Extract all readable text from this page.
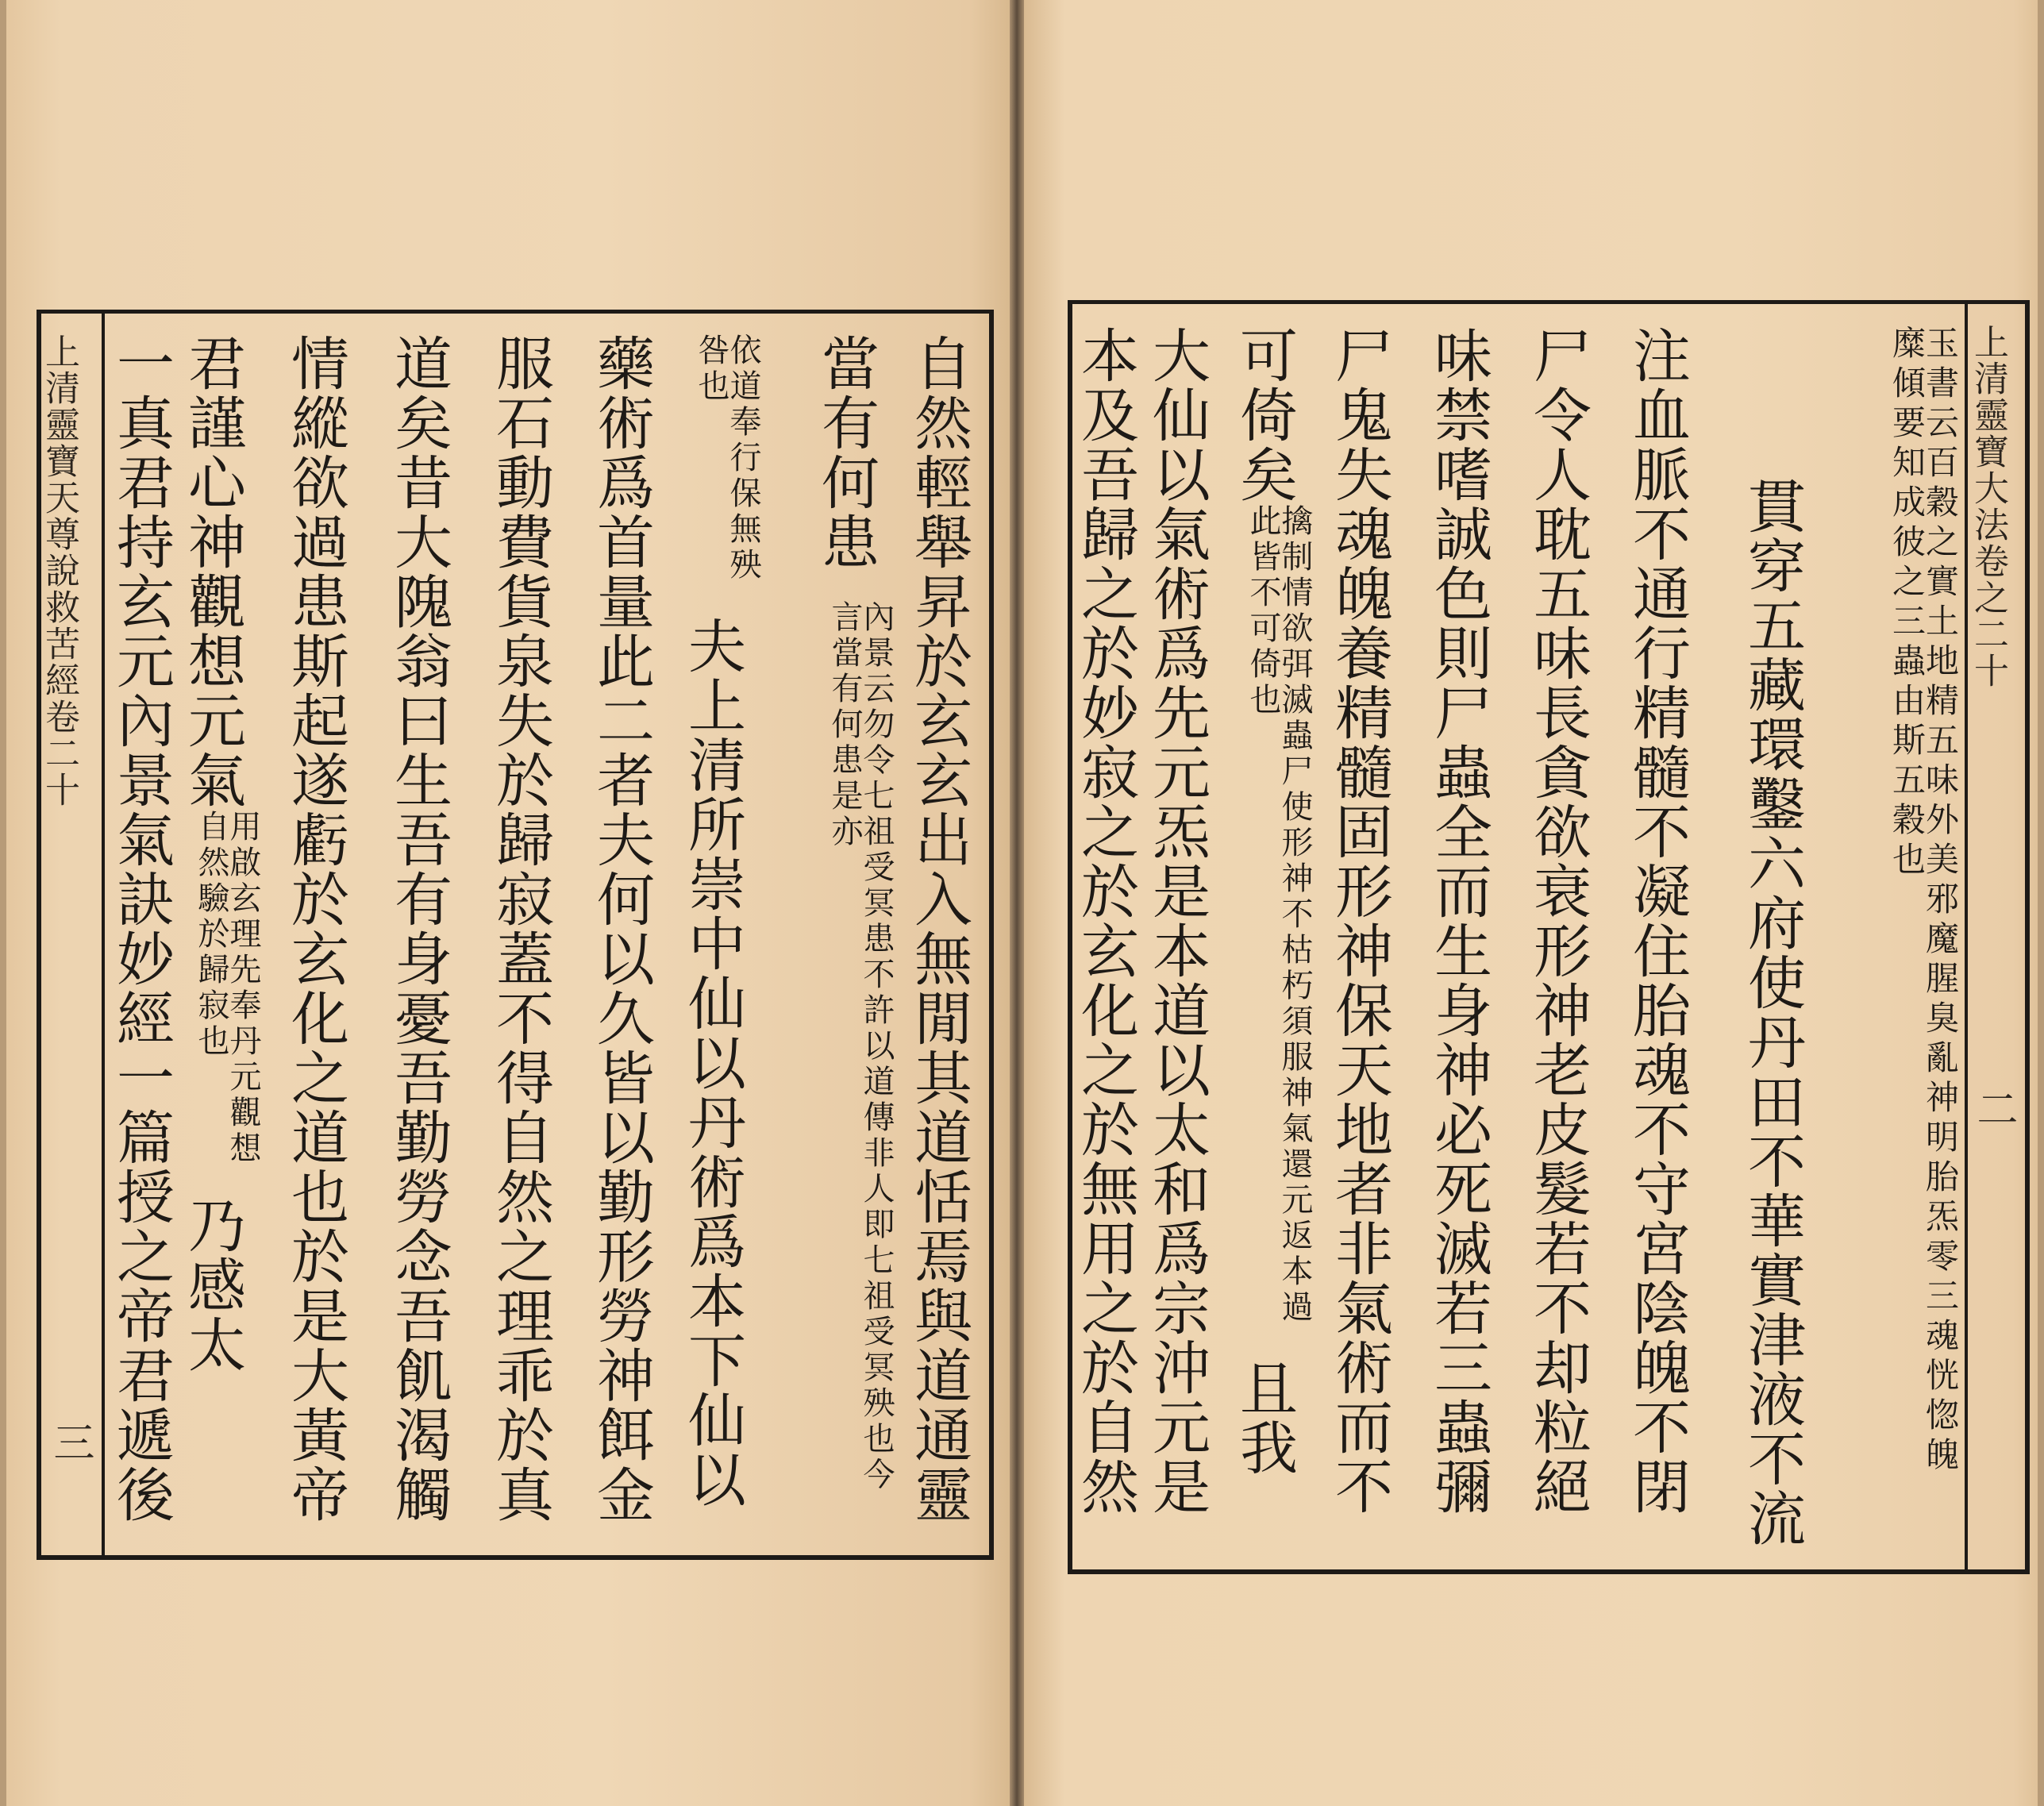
上清靈寶天尊說救苦經卷二十
三	自然輕舉昇於玄玄出入無閒其道恬焉與道通靈
當有何患內景云勿令七祖受冥患不許以道傳非人即七祖受冥殃也今言當有何患是亦
依道奉行保無殃咎也夫上清所崇中仙以丹術爲本下仙以
藥術爲首量此二者夫何以久皆以勤形勞神餌金
服石動費貨泉失於歸寂蓋不得自然之理乖於真
道矣昔大隗翁曰生吾有身憂吾勤勞念吾飢渴觸
情縱欲過患斯起遂虧於玄化之道也於是大黃帝
君謹心神觀想元氣用啟玄理先奉丹元觀想自然驗於歸寂也乃感太
一真君持玄元內景氣訣妙經一篇授之帝君遞後	上清靈寶大法卷之二十
二
玉書云百穀之實土地精五味外美邪魔腥臭亂神明胎炁零三魂恍惚魄糜傾要知成彼之三蟲由斯五穀也
貫穿五藏環鑿六府使丹田不華實津液不流
注血脈不通行精髓不凝住胎魂不守宮陰魄不閉
尸令人耽五味長貪欲衰形神老皮髮若不却粒絕
味禁嗜誠色則尸蟲全而生身神必死滅若三蟲彌
尸鬼失魂魄養精髓固形神保天地者非氣術而不
可倚矣擒制情欲弭滅蟲尸使形神不枯朽須服神氣還元返本過此皆不可倚也且我
大仙以氣術爲先元炁是本道以太和爲宗沖元是
本及吾歸之於妙寂之於玄化之於無用之於自然
